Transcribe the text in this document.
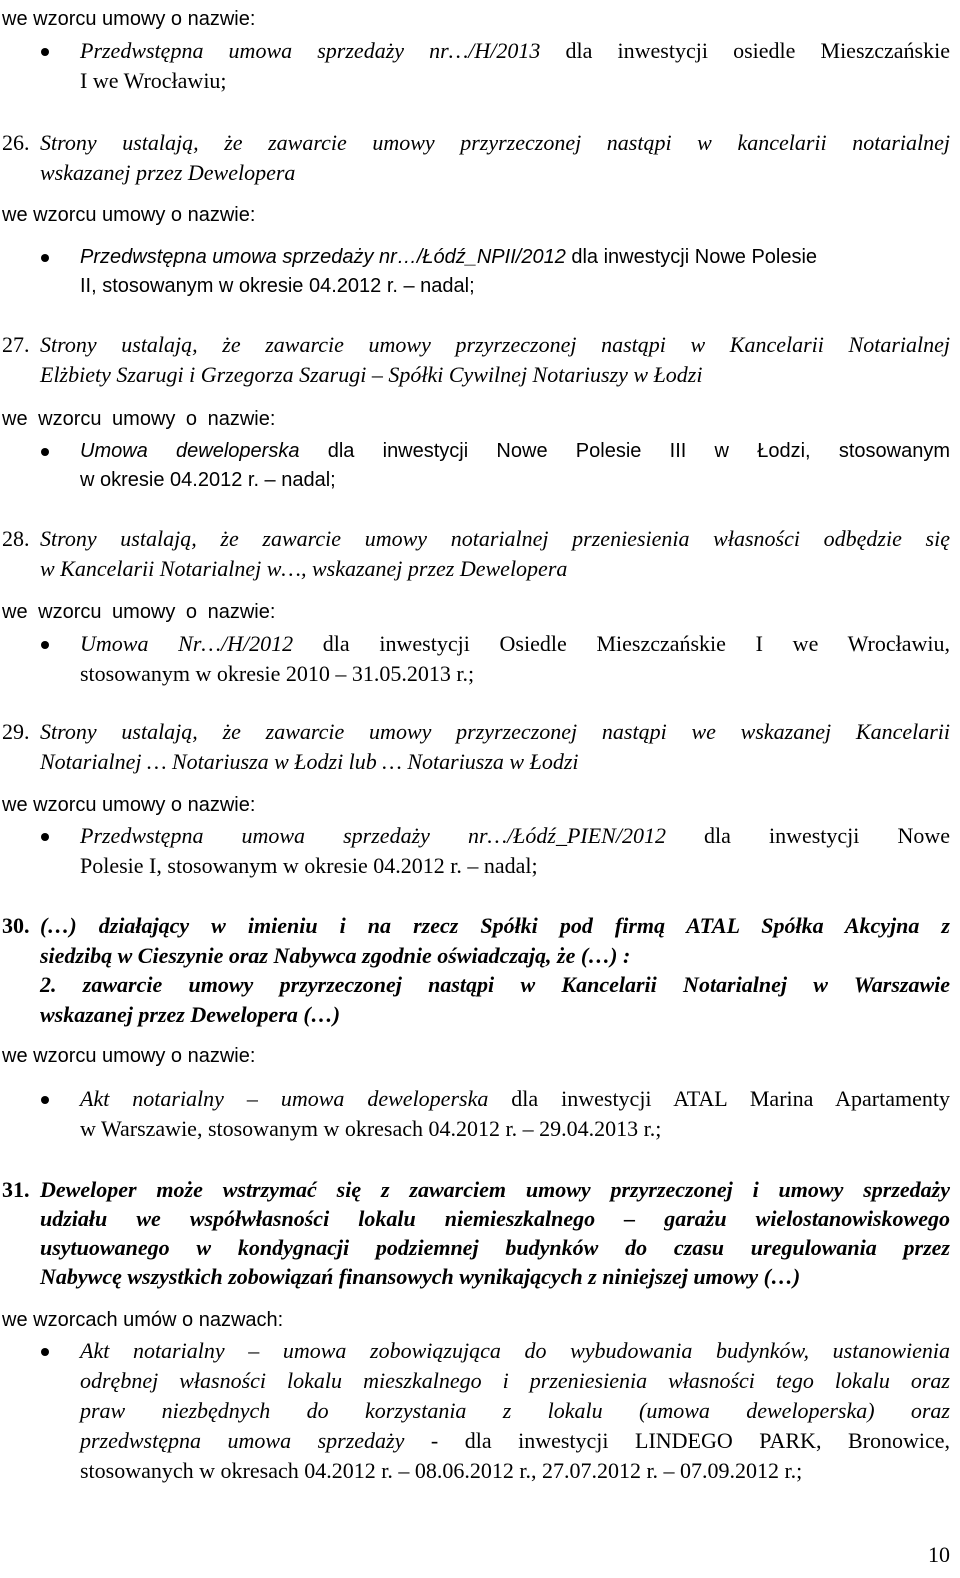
we wzorcu umowy o nazwie:
Przedwstępna umowa sprzedaży nr…/H/2013 dla inwestycji osiedle Mieszczańskie
I we Wrocławiu;
26. Strony ustalają, że zawarcie umowy przyrzeczonej nastąpi w kancelarii notarialnej
wskazanej przez Dewelopera
we wzorcu umowy o nazwie:
Przedwstępna umowa sprzedaży nr…/Łódź_NPII/2012 dla inwestycji Nowe Polesie
II, stosowanym w okresie 04.2012 r. – nadal;
27. Strony ustalają, że zawarcie umowy przyrzeczonej nastąpi w Kancelarii Notarialnej
Elżbiety Szarugi i Grzegorza Szarugi – Spółki Cywilnej Notariuszy w Łodzi
we wzorcu umowy o nazwie:
Umowa deweloperska dla inwestycji Nowe Polesie III w Łodzi, stosowanym
w okresie 04.2012 r. – nadal;
28. Strony ustalają, że zawarcie umowy notarialnej przeniesienia własności odbędzie się
w Kancelarii Notarialnej w…, wskazanej przez Dewelopera
we wzorcu umowy o nazwie:
Umowa Nr…/H/2012 dla inwestycji Osiedle Mieszczańskie I we Wrocławiu,
stosowanym w okresie 2010 – 31.05.2013 r.;
29. Strony ustalają, że zawarcie umowy przyrzeczonej nastąpi we wskazanej Kancelarii
Notarialnej … Notariusza w Łodzi lub … Notariusza w Łodzi
we wzorcu umowy o nazwie:
Przedwstępna umowa sprzedaży nr…/Łódź_PIEN/2012 dla inwestycji Nowe
Polesie I, stosowanym w okresie 04.2012 r. – nadal;
30. (…) działający w imieniu i na rzecz Spółki pod firmą ATAL Spółka Akcyjna z
siedzibą w Cieszynie oraz Nabywca zgodnie oświadczają, że (…) :
2. zawarcie umowy przyrzeczonej nastąpi w Kancelarii Notarialnej w Warszawie
wskazanej przez Dewelopera (…)
we wzorcu umowy o nazwie:
Akt notarialny – umowa deweloperska dla inwestycji ATAL Marina Apartamenty
w Warszawie, stosowanym w okresach 04.2012 r. – 29.04.2013 r.;
31. Deweloper może wstrzymać się z zawarciem umowy przyrzeczonej i umowy sprzedaży
udziału we współwłasności lokalu niemieszkalnego – garażu wielostanowiskowego
usytuowanego w kondygnacji podziemnej budynków do czasu uregulowania przez
Nabywcę wszystkich zobowiązań finansowych wynikających z niniejszej umowy (…)
we wzorcach umów o nazwach:
Akt notarialny – umowa zobowiązująca do wybudowania budynków, ustanowienia
odrębnej własności lokalu mieszkalnego i przeniesienia własności tego lokalu oraz
praw niezbędnych do korzystania z lokalu (umowa deweloperska) oraz
przedwstępna umowa sprzedaży - dla inwestycji LINDEGO PARK, Bronowice,
stosowanych w okresach 04.2012 r. – 08.06.2012 r., 27.07.2012 r. – 07.09.2012 r.;
10
